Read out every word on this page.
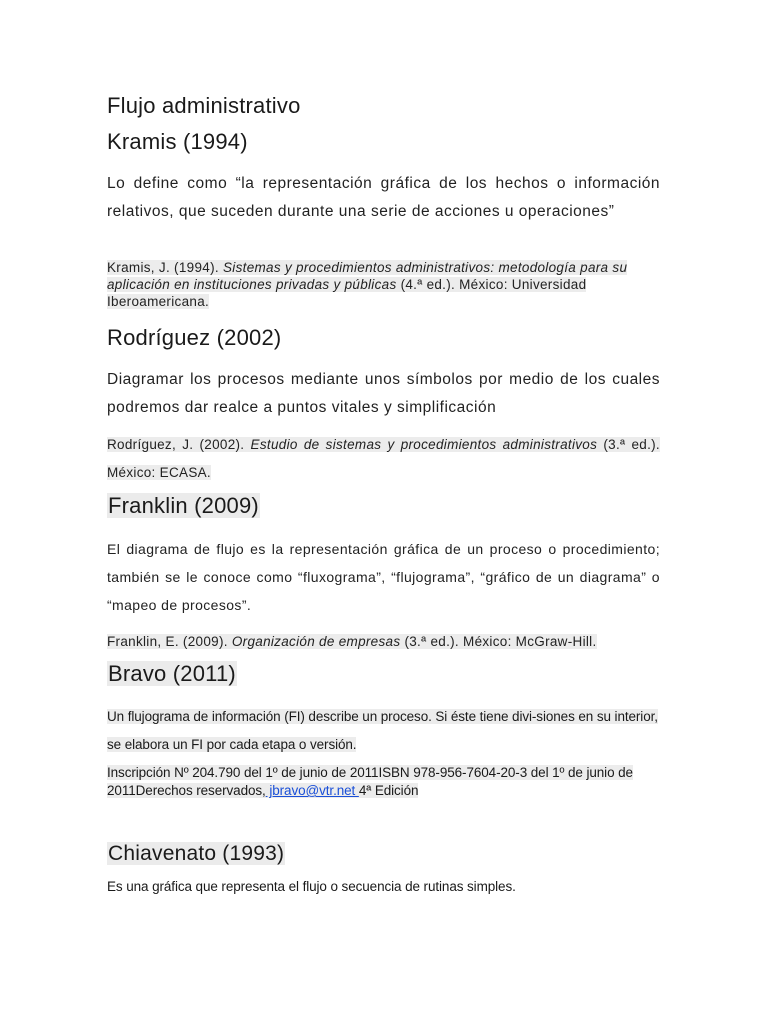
Flujo administrativo
Kramis (1994)

Lo define como “la representación gráfica de los hechos o información relativos, que suceden durante una serie de acciones u operaciones”

Kramis, J. (1994). Sistemas y procedimientos administrativos: metodología para su aplicación en instituciones privadas y públicas (4.ª ed.). México: Universidad Iberoamericana.

Rodríguez (2002)

Diagramar los procesos mediante unos símbolos por medio de los cuales podremos dar realce a puntos vitales y simplificación

Rodríguez, J. (2002). Estudio de sistemas y procedimientos administrativos (3.ª ed.). México: ECASA.

Franklin (2009)

El diagrama de flujo es la representación gráfica de un proceso o procedimiento; también se le conoce como “fluxograma”, “flujograma”, “gráfico de un diagrama” o “mapeo de procesos”.

Franklin, E. (2009). Organización de empresas (3.ª ed.). México: McGraw-Hill.

Bravo (2011)

Un flujograma de información (FI) describe un proceso. Si éste tiene divi-siones en su interior, se elabora un FI por cada etapa o versión.

Inscripción Nº 204.790 del 1º de junio de 2011ISBN 978-956-7604-20-3 del 1º de junio de 2011Derechos reservados, jbravo@vtr.net 4ª Edición

Chiavenato (1993)

Es una gráfica que representa el flujo o secuencia de rutinas simples.
